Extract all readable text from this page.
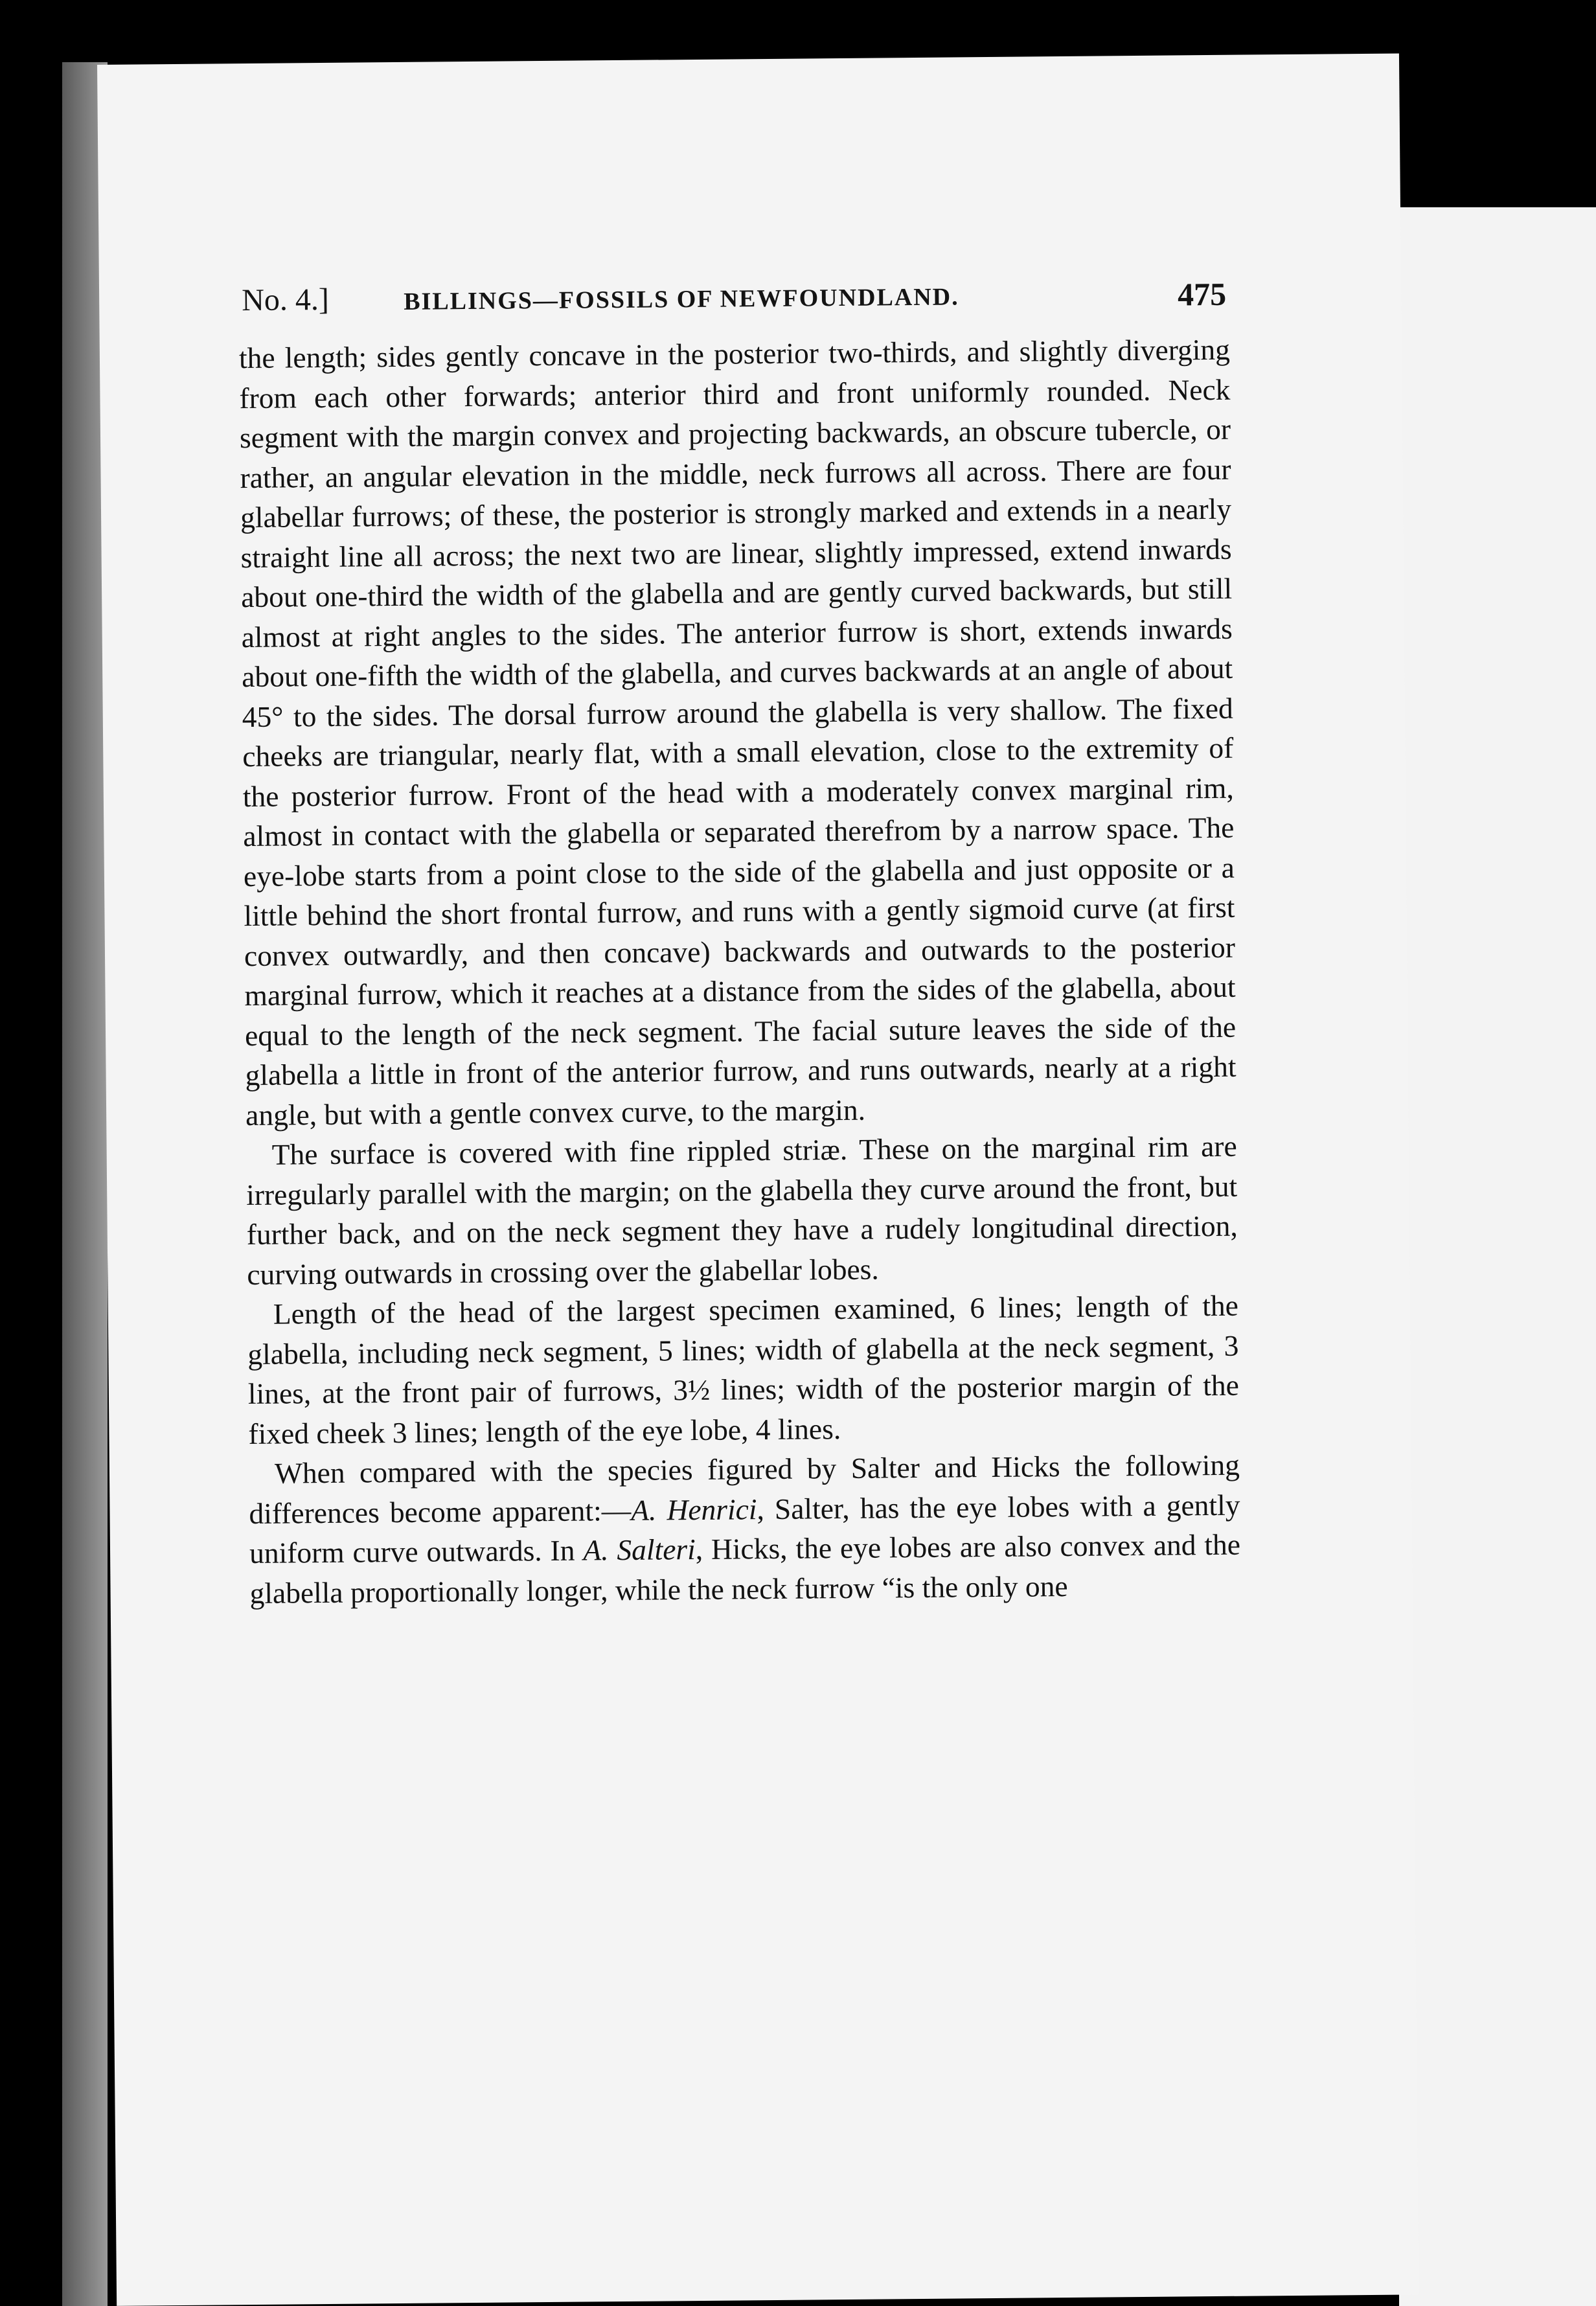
No. 4.]	BILLINGS—FOSSILS OF NEWFOUNDLAND.	475

the length; sides gently concave in the posterior two-thirds, and slightly diverging from each other forwards; anterior third and front uniformly rounded. Neck segment with the margin convex and projecting backwards, an obscure tubercle, or rather, an angular elevation in the middle, neck furrows all across. There are four glabellar furrows; of these, the posterior is strongly marked and extends in a nearly straight line all across; the next two are linear, slightly impressed, extend inwards about one-third the width of the glabella and are gently curved backwards, but still almost at right angles to the sides. The anterior furrow is short, extends inwards about one-fifth the width of the glabella, and curves backwards at an angle of about 45° to the sides. The dorsal furrow around the glabella is very shallow. The fixed cheeks are triangular, nearly flat, with a small elevation, close to the extremity of the posterior furrow. Front of the head with a moderately convex marginal rim, almost in contact with the glabella or separated therefrom by a narrow space. The eye-lobe starts from a point close to the side of the glabella and just opposite or a little behind the short frontal furrow, and runs with a gently sigmoid curve (at first convex outwardly, and then concave) backwards and outwards to the posterior marginal furrow, which it reaches at a distance from the sides of the glabella, about equal to the length of the neck segment. The facial suture leaves the side of the glabella a little in front of the anterior furrow, and runs outwards, nearly at a right angle, but with a gentle convex curve, to the margin.

The surface is covered with fine rippled striæ. These on the marginal rim are irregularly parallel with the margin; on the glabella they curve around the front, but further back, and on the neck segment they have a rudely longitudinal direction, curving outwards in crossing over the glabellar lobes.

Length of the head of the largest specimen examined, 6 lines; length of the glabella, including neck segment, 5 lines; width of glabella at the neck segment, 3 lines, at the front pair of furrows, 3½ lines; width of the posterior margin of the fixed cheek 3 lines; length of the eye lobe, 4 lines.

When compared with the species figured by Salter and Hicks the following differences become apparent:—A. Henrici, Salter, has the eye lobes with a gently uniform curve outwards. In A. Salteri, Hicks, the eye lobes are also convex and the glabella proportionally longer, while the neck furrow “is the only one
